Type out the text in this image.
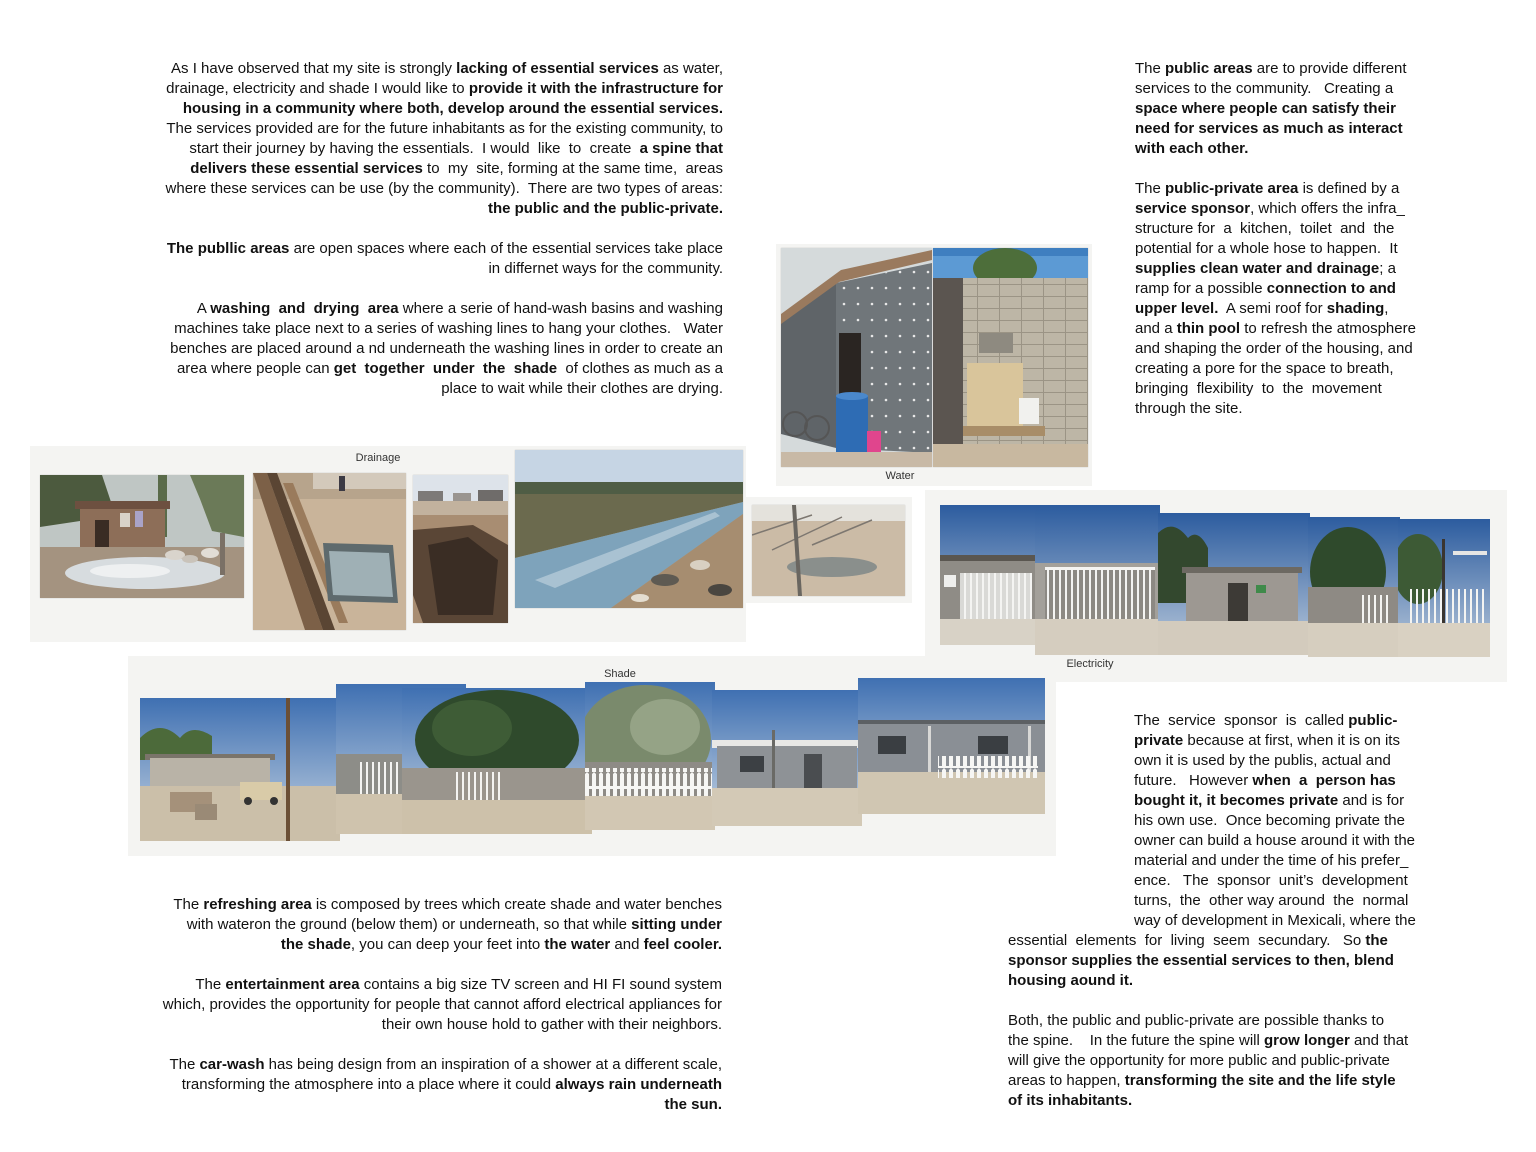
As I have observed that my site is strongly lacking of essential services as water,
drainage, electricity and shade I would like to provide it with the infrastructure for
housing in a community where both, develop around the essential services.
The services provided are for the future inhabitants as for the existing community, to
start their journey by having the essentials.  I would  like  to  create  a spine that
delivers these essential services to  my  site, forming at the same time,  areas
where these services can be use (by the community).  There are two types of areas:
the public and the public-private.
The publlic areas are open spaces where each of the essential services take place
in differnet ways for the community.
A washing  and  drying  area where a serie of hand-wash basins and washing
machines take place next to a series of washing lines to hang your clothes.   Water
benches are placed around a nd underneath the washing lines in order to create an
area where people can get  together  under  the  shade  of clothes as much as a
place to wait while their clothes are drying.
The refreshing area is composed by trees which create shade and water benches
with wateron the ground (below them) or underneath, so that while sitting under
the shade, you can deep your feet into the water and feel cooler.
The entertainment area contains a big size TV screen and HI FI sound system
which, provides the opportunity for people that cannot afford electrical appliances for
their own house hold to gather with their neighbors.
The car-wash has being design from an inspiration of a shower at a different scale,
transforming the atmosphere into a place where it could always rain underneath
the sun.
The public areas are to provide different
services to the community.   Creating a
space where people can satisfy their
need for services as much as interact
with each other.
The public-private area is defined by a
service sponsor, which offers the infra_
structure for  a  kitchen,  toilet  and  the
potential for a whole hose to happen.  It
supplies clean water and drainage; a
ramp for a possible connection to and
upper level.  A semi roof for shading,
and a thin pool to refresh the atmosphere
and shaping the order of the housing, and
creating a pore for the space to breath,
bringing  flexibility  to  the  movement
through the site.
The  service  sponsor  is  called public-
private because at first, when it is on its
own it is used by the publis, actual and
future.   However when  a  person has
bought it, it becomes private and is for
his own use.  Once becoming private the
owner can build a house around it with the
material and under the time of his prefer_
ence.   The  sponsor  unit’s  development
turns,  the  other way around  the  normal
way of development in Mexicali, where the
essential  elements  for  living  seem  secundary.   So the
sponsor supplies the essential services to then, blend
housing aound it.
Both, the public and public-private are possible thanks to
the spine.    In the future the spine will grow longer and that
will give the opportunity for more public and public-private
areas to happen, transforming the site and the life style
of its inhabitants.
Drainage
Water
Electricity
Shade
